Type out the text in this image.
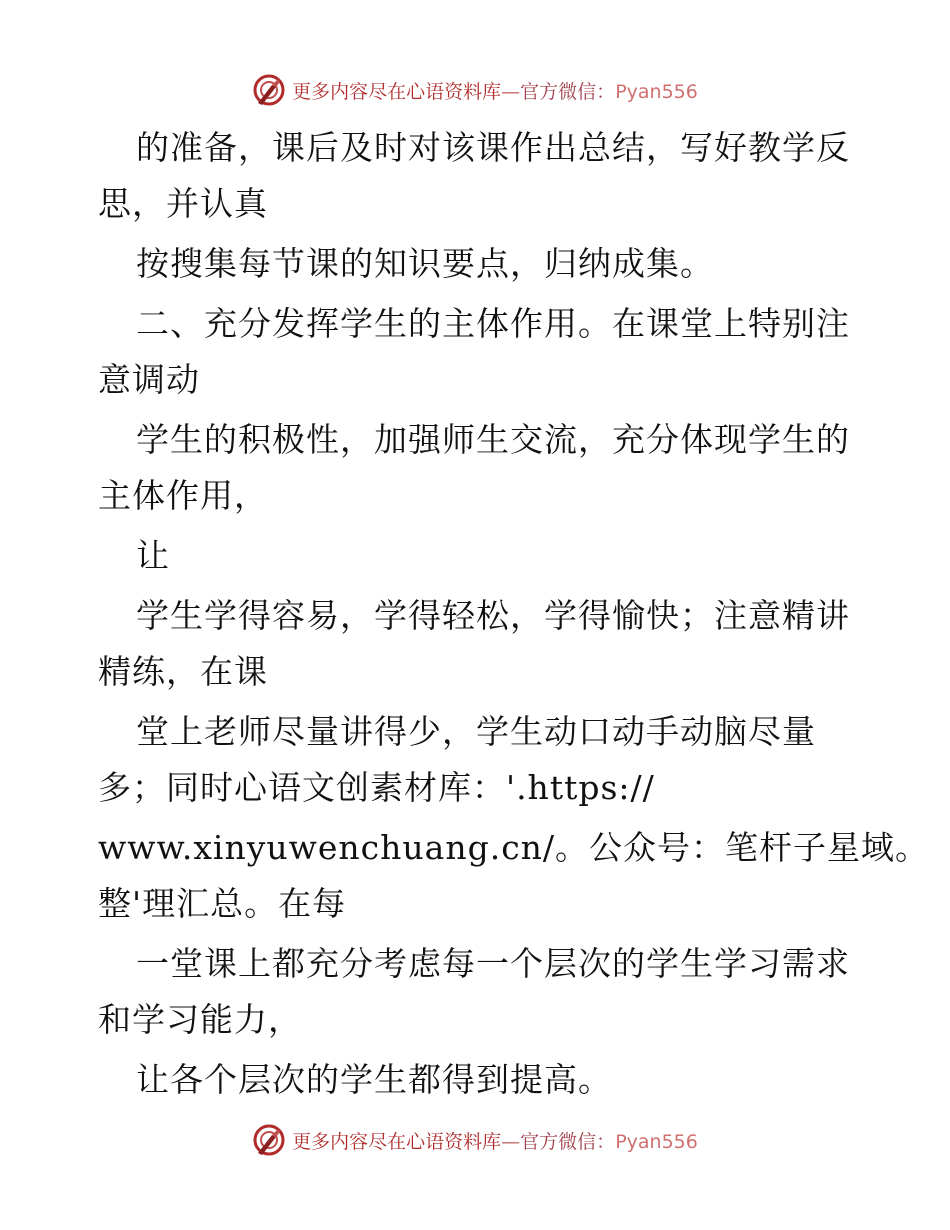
更多内容尽在心语资料库—官方微信：Pyan556
的准备，课后及时对该课作出总结，写好教学反
思，并认真
按搜集每节课的知识要点，归纳成集。
二、充分发挥学生的主体作用。在课堂上特别注
意调动
学生的积极性，加强师生交流，充分体现学生的
主体作用，
让
学生学得容易，学得轻松，学得愉快；注意精讲
精练，在课
堂上老师尽量讲得少，学生动口动手动脑尽量
多；同时心语文创素材库：'.https://
www.xinyuwenchuang.cn/。公众号：笔杆子星域。
整'理汇总。在每
一堂课上都充分考虑每一个层次的学生学习需求
和学习能力，
让各个层次的学生都得到提高。
更多内容尽在心语资料库—官方微信：Pyan556
